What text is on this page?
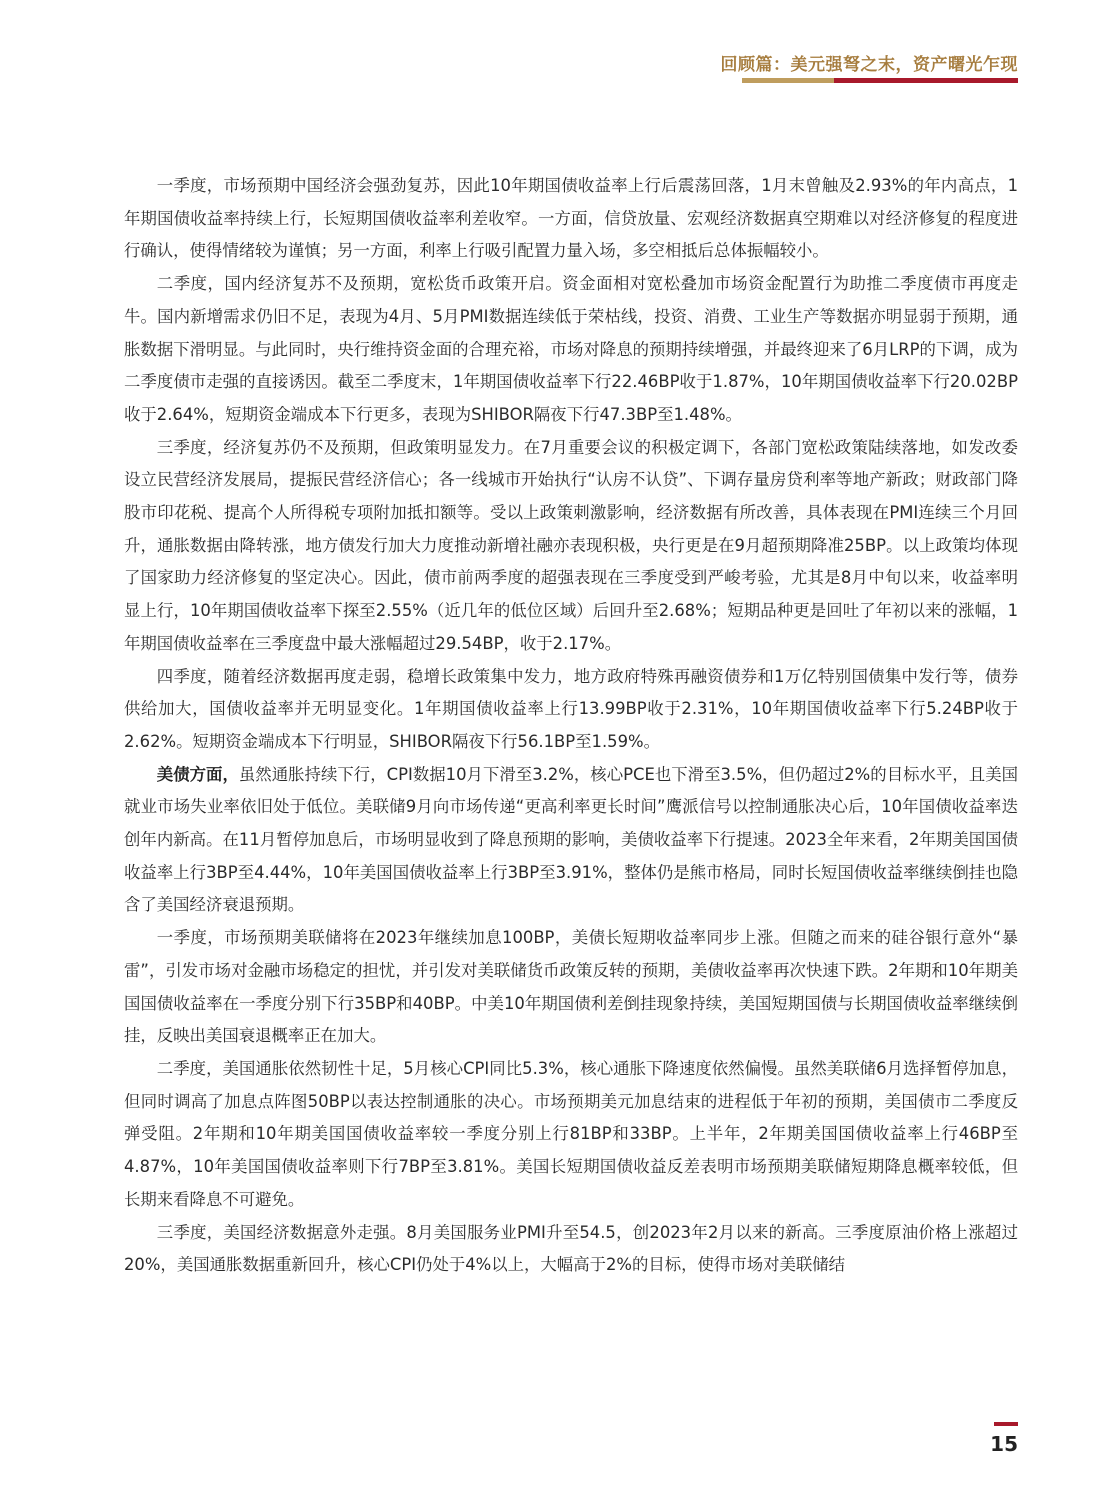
回顾篇：美元强弩之末，资产曙光乍现

一季度，市场预期中国经济会强劲复苏，因此10年期国债收益率上行后震荡回落，1月末曾触及2.93%的年内高点，1年期国债收益率持续上行，长短期国债收益率利差收窄。一方面，信贷放量、宏观经济数据真空期难以对经济修复的程度进行确认，使得情绪较为谨慎；另一方面，利率上行吸引配置力量入场，多空相抵后总体振幅较小。

二季度，国内经济复苏不及预期，宽松货币政策开启。资金面相对宽松叠加市场资金配置行为助推二季度债市再度走牛。国内新增需求仍旧不足，表现为4月、5月PMI数据连续低于荣枯线，投资、消费、工业生产等数据亦明显弱于预期，通胀数据下滑明显。与此同时，央行维持资金面的合理充裕，市场对降息的预期持续增强，并最终迎来了6月LRP的下调，成为二季度债市走强的直接诱因。截至二季度末，1年期国债收益率下行22.46BP收于1.87%，10年期国债收益率下行20.02BP收于2.64%，短期资金端成本下行更多，表现为SHIBOR隔夜下行47.3BP至1.48%。

三季度，经济复苏仍不及预期，但政策明显发力。在7月重要会议的积极定调下，各部门宽松政策陆续落地，如发改委设立民营经济发展局，提振民营经济信心；各一线城市开始执行“认房不认贷”、下调存量房贷利率等地产新政；财政部门降股市印花税、提高个人所得税专项附加抵扣额等。受以上政策刺激影响，经济数据有所改善，具体表现在PMI连续三个月回升，通胀数据由降转涨，地方债发行加大力度推动新增社融亦表现积极，央行更是在9月超预期降准25BP。以上政策均体现了国家助力经济修复的坚定决心。因此，债市前两季度的超强表现在三季度受到严峻考验，尤其是8月中旬以来，收益率明显上行，10年期国债收益率下探至2.55%（近几年的低位区域）后回升至2.68%；短期品种更是回吐了年初以来的涨幅，1年期国债收益率在三季度盘中最大涨幅超过29.54BP，收于2.17%。

四季度，随着经济数据再度走弱，稳增长政策集中发力，地方政府特殊再融资债券和1万亿特别国债集中发行等，债券供给加大，国债收益率并无明显变化。1年期国债收益率上行13.99BP收于2.31%，10年期国债收益率下行5.24BP收于2.62%。短期资金端成本下行明显，SHIBOR隔夜下行56.1BP至1.59%。

美债方面，虽然通胀持续下行，CPI数据10月下滑至3.2%，核心PCE也下滑至3.5%，但仍超过2%的目标水平，且美国就业市场失业率依旧处于低位。美联储9月向市场传递“更高利率更长时间”鹰派信号以控制通胀决心后，10年国债收益率迭创年内新高。在11月暂停加息后，市场明显收到了降息预期的影响，美债收益率下行提速。2023全年来看，2年期美国国债收益率上行3BP至4.44%，10年美国国债收益率上行3BP至3.91%，整体仍是熊市格局，同时长短国债收益率继续倒挂也隐含了美国经济衰退预期。

一季度，市场预期美联储将在2023年继续加息100BP，美债长短期收益率同步上涨。但随之而来的硅谷银行意外“暴雷”，引发市场对金融市场稳定的担忧，并引发对美联储货币政策反转的预期，美债收益率再次快速下跌。2年期和10年期美国国债收益率在一季度分别下行35BP和40BP。中美10年期国债利差倒挂现象持续，美国短期国债与长期国债收益率继续倒挂，反映出美国衰退概率正在加大。

二季度，美国通胀依然韧性十足，5月核心CPI同比5.3%，核心通胀下降速度依然偏慢。虽然美联储6月选择暂停加息，但同时调高了加息点阵图50BP以表达控制通胀的决心。市场预期美元加息结束的进程低于年初的预期，美国债市二季度反弹受阻。2年期和10年期美国国债收益率较一季度分别上行81BP和33BP。上半年，2年期美国国债收益率上行46BP至4.87%，10年美国国债收益率则下行7BP至3.81%。美国长短期国债收益反差表明市场预期美联储短期降息概率较低，但长期来看降息不可避免。

三季度，美国经济数据意外走强。8月美国服务业PMI升至54.5，创2023年2月以来的新高。三季度原油价格上涨超过20%，美国通胀数据重新回升，核心CPI仍处于4%以上，大幅高于2%的目标，使得市场对美联储结

15
